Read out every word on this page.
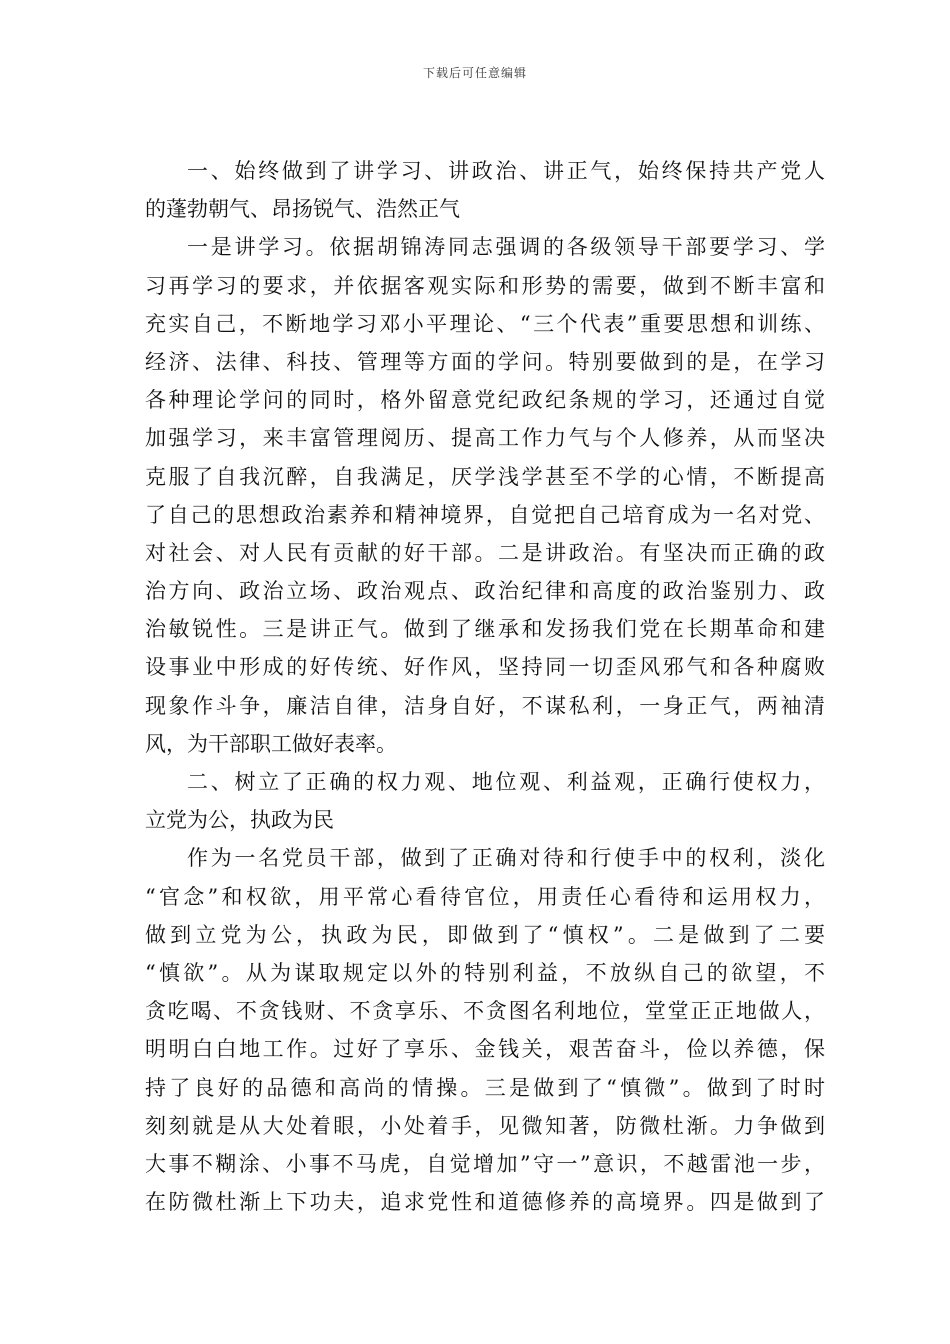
下载后可任意编辑
一、始终做到了讲学习、讲政治、讲正气，始终保持共产党人
的蓬勃朝气、昂扬锐气、浩然正气
一是讲学习。依据胡锦涛同志强调的各级领导干部要学习、学
习再学习的要求，并依据客观实际和形势的需要，做到不断丰富和
充实自己，不断地学习邓小平理论、“三个代表”重要思想和训练、
经济、法律、科技、管理等方面的学问。特别要做到的是，在学习
各种理论学问的同时，格外留意党纪政纪条规的学习，还通过自觉
加强学习，来丰富管理阅历、提高工作力气与个人修养，从而坚决
克服了自我沉醉，自我满足，厌学浅学甚至不学的心情，不断提高
了自己的思想政治素养和精神境界，自觉把自己培育成为一名对党、
对社会、对人民有贡献的好干部。二是讲政治。有坚决而正确的政
治方向、政治立场、政治观点、政治纪律和高度的政治鉴别力、政
治敏锐性。三是讲正气。做到了继承和发扬我们党在长期革命和建
设事业中形成的好传统、好作风，坚持同一切歪风邪气和各种腐败
现象作斗争，廉洁自律，洁身自好，不谋私利，一身正气，两袖清
风，为干部职工做好表率。
二、树立了正确的权力观、地位观、利益观，正确行使权力，
立党为公，执政为民
作为一名党员干部，做到了正确对待和行使手中的权利，淡化
“官念”和权欲，用平常心看待官位，用责任心看待和运用权力，
做到立党为公，执政为民，即做到了“慎权”。二是做到了二要
“慎欲”。从为谋取规定以外的特别利益，不放纵自己的欲望，不
贪吃喝、不贪钱财、不贪享乐、不贪图名利地位，堂堂正正地做人，
明明白白地工作。过好了享乐、金钱关，艰苦奋斗，俭以养德，保
持了良好的品德和高尚的情操。三是做到了“慎微”。做到了时时
刻刻就是从大处着眼，小处着手，见微知著，防微杜渐。力争做到
大事不糊涂、小事不马虎，自觉增加”守一”意识，不越雷池一步，
在防微杜渐上下功夫，追求党性和道德修养的高境界。四是做到了
